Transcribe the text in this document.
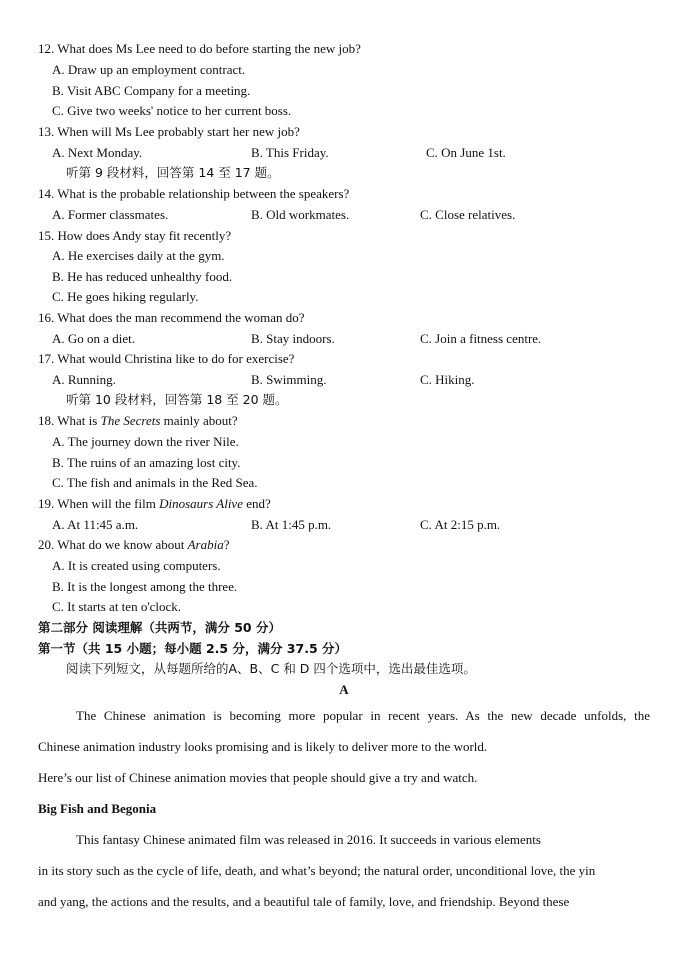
12. What does Ms Lee need to do before starting the new job?
A. Draw up an employment contract.
B. Visit ABC Company for a meeting.
C. Give two weeks' notice to her current boss.
13. When will Ms Lee probably start her new job?
A. Next Monday.	B. This Friday.	C. On June 1st.
听第 9 段材料，回答第 14 至 17 题。
14. What is the probable relationship between the speakers?
A. Former classmates.	B. Old workmates.	C. Close relatives.
15. How does Andy stay fit recently?
A. He exercises daily at the gym.
B. He has reduced unhealthy food.
C. He goes hiking regularly.
16. What does the man recommend the woman do?
A. Go on a diet.	B. Stay indoors.	C. Join a fitness centre.
17. What would Christina like to do for exercise?
A. Running.	B. Swimming.	C. Hiking.
听第 10 段材料，回答第 18 至 20 题。
18. What is The Secrets mainly about?
A. The journey down the river Nile.
B. The ruins of an amazing lost city.
C. The fish and animals in the Red Sea.
19. When will the film Dinosaurs Alive end?
A. At 11:45 a.m.	B. At 1:45 p.m.	C. At 2:15 p.m.
20. What do we know about Arabia?
A. It is created using computers.
B. It is the longest among the three.
C. It starts at ten o'clock.
第二部分 阅读理解（共两节，满分 50 分）
第一节（共 15 小题；每小题 2.5 分，满分 37.5 分）
阅读下列短文，从每题所给的A、B、C 和 D 四个选项中，选出最佳选项。
A
The Chinese animation is becoming more popular in recent years. As the new decade unfolds, the
Chinese animation industry looks promising and is likely to deliver more to the world.
Here’s our list of Chinese animation movies that people should give a try and watch.
Big Fish and Begonia
This fantasy Chinese animated film was released in 2016. It succeeds in various elements
in its story such as the cycle of life, death, and what’s beyond; the natural order, unconditional love, the yin
and yang, the actions and the results, and a beautiful tale of family, love, and friendship. Beyond these
